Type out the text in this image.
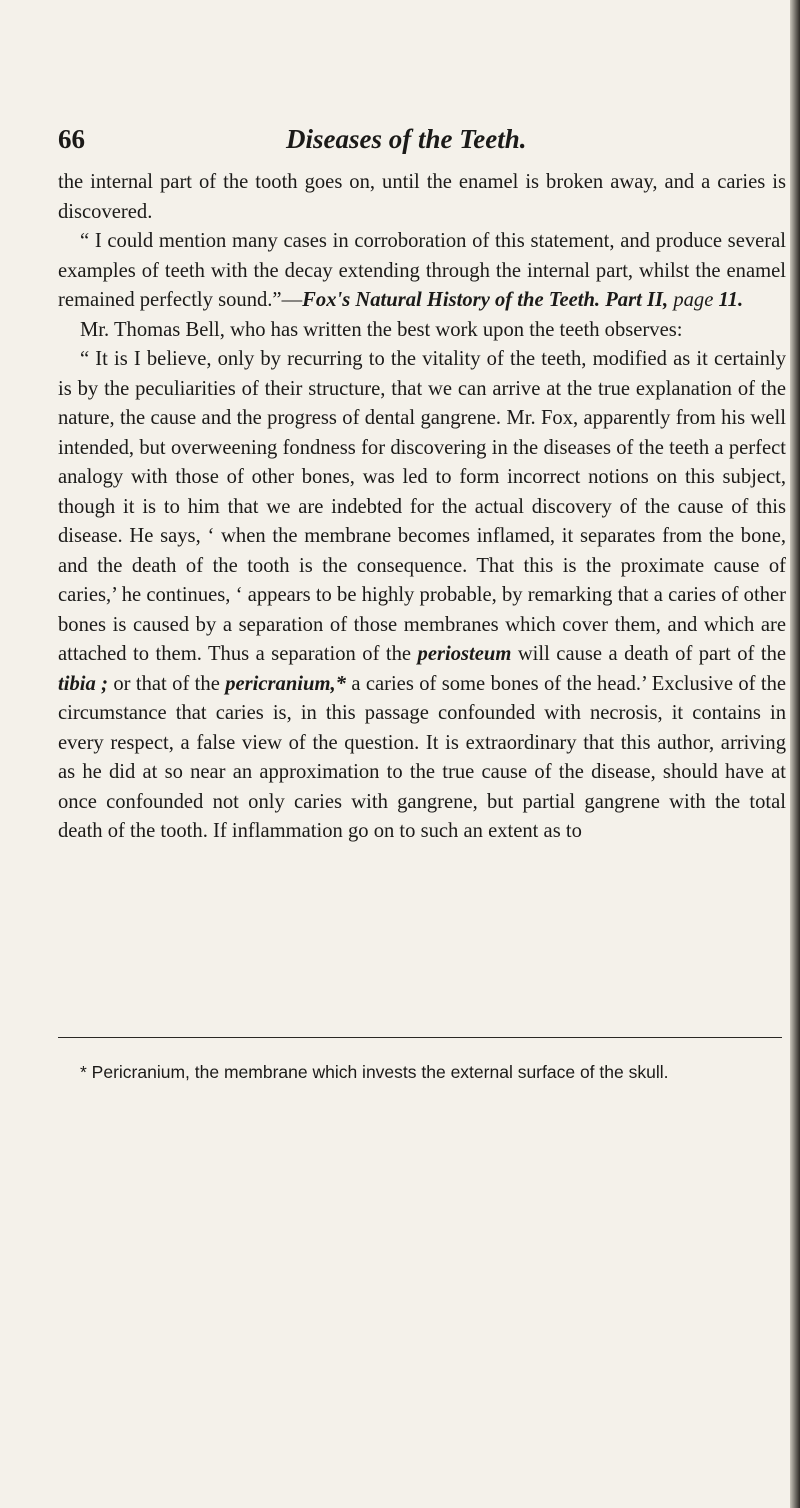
66	Diseases of the Teeth.

the internal part of the tooth goes on, until the enamel is broken away, and a caries is discovered.

“ I could mention many cases in corroboration of this statement, and produce several examples of teeth with the decay extending through the internal part, whilst the enamel remained perfectly sound.”—Fox's Natural History of the Teeth. Part II, page 11.

Mr. Thomas Bell, who has written the best work upon the teeth observes:

“ It is I believe, only by recurring to the vitality of the teeth, modified as it certainly is by the peculiarities of their structure, that we can arrive at the true explanation of the nature, the cause and the progress of dental gangrene. Mr. Fox, apparently from his well intended, but overweening fondness for discovering in the diseases of the teeth a perfect analogy with those of other bones, was led to form incorrect notions on this subject, though it is to him that we are indebted for the actual discovery of the cause of this disease. He says, ‘ when the membrane becomes inflamed, it separates from the bone, and the death of the tooth is the consequence. That this is the proximate cause of caries,’ he continues, ‘ appears to be highly probable, by remarking that a caries of other bones is caused by a separation of those membranes which cover them, and which are attached to them. Thus a separation of the periosteum will cause a death of part of the tibia ; or that of the pericranium,* a caries of some bones of the head.’ Exclusive of the circumstance that caries is, in this passage confounded with necrosis, it contains in every respect, a false view of the question. It is extraordinary that this author, arriving as he did at so near an approximation to the true cause of the disease, should have at once confounded not only caries with gangrene, but partial gangrene with the total death of the tooth. If inflammation go on to such an extent as to

* Pericranium, the membrane which invests the external surface of the skull.
